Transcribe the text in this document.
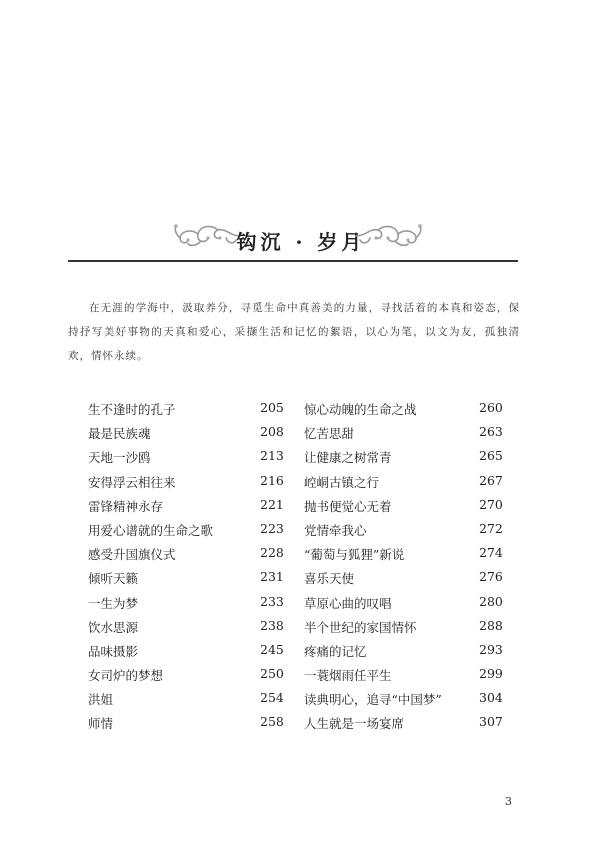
钩沉 · 岁月
在无涯的学海中，汲取养分，寻觅生命中真善美的力量，寻找活着的本真和姿态，保持抒写美好事物的天真和爱心，采撷生活和记忆的絮语，以心为笔，以文为友，孤独清欢，情怀永续。
生不逢时的孔子	205 惊心动魄的生命之战	260
最是民族魂	208 忆苦思甜	263
天地一沙鸥	213 让健康之树常青	265
安得浮云相往来	216 崆峒古镇之行	267
雷锋精神永存	221 抛书便觉心无着	270
用爱心谱就的生命之歌	223 党情牵我心	272
感受升国旗仪式	228 “葡萄与狐狸”新说	274
倾听天籁	231 喜乐天使	276
一生为梦	233 草原心曲的叹唱	280
饮水思源	238 半个世纪的家国情怀	288
品味摄影	245 疼痛的记忆	293
女司炉的梦想	250 一蓑烟雨任平生	299
洪姐	254 读典明心，追寻“中国梦”	304
师情	258 人生就是一场宴席	307
3
